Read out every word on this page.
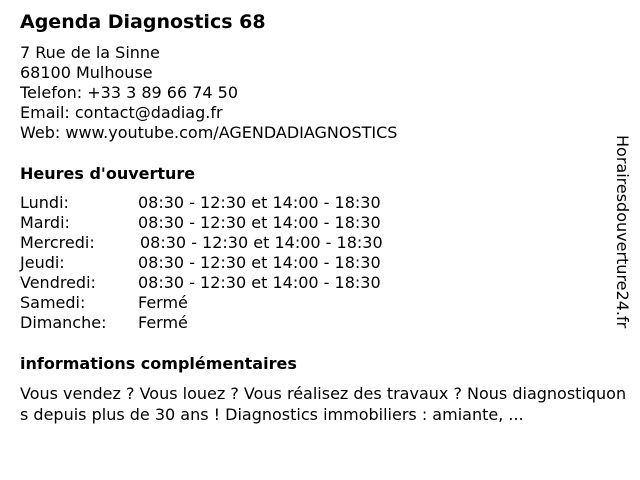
Agenda Diagnostics 68
7 Rue de la Sinne
68100 Mulhouse
Telefon: +33 3 89 66 74 50
Email: contact@dadiag.fr
Web: www.youtube.com/AGENDADIAGNOSTICS
Heures d'ouverture
Lundi:	08:30 - 12:30 et 14:00 - 18:30
Mardi:	08:30 - 12:30 et 14:00 - 18:30
Mercredi:	08:30 - 12:30 et 14:00 - 18:30
Jeudi:	08:30 - 12:30 et 14:00 - 18:30
Vendredi:	08:30 - 12:30 et 14:00 - 18:30
Samedi:	Fermé
Dimanche: Fermé
informations complémentaires
Vous vendez ? Vous louez ? Vous réalisez des travaux ? Nous diagnostiquons depuis plus de 30 ans ! Diagnostics immobiliers : amiante, ...
Horairesdouverture24.fr
